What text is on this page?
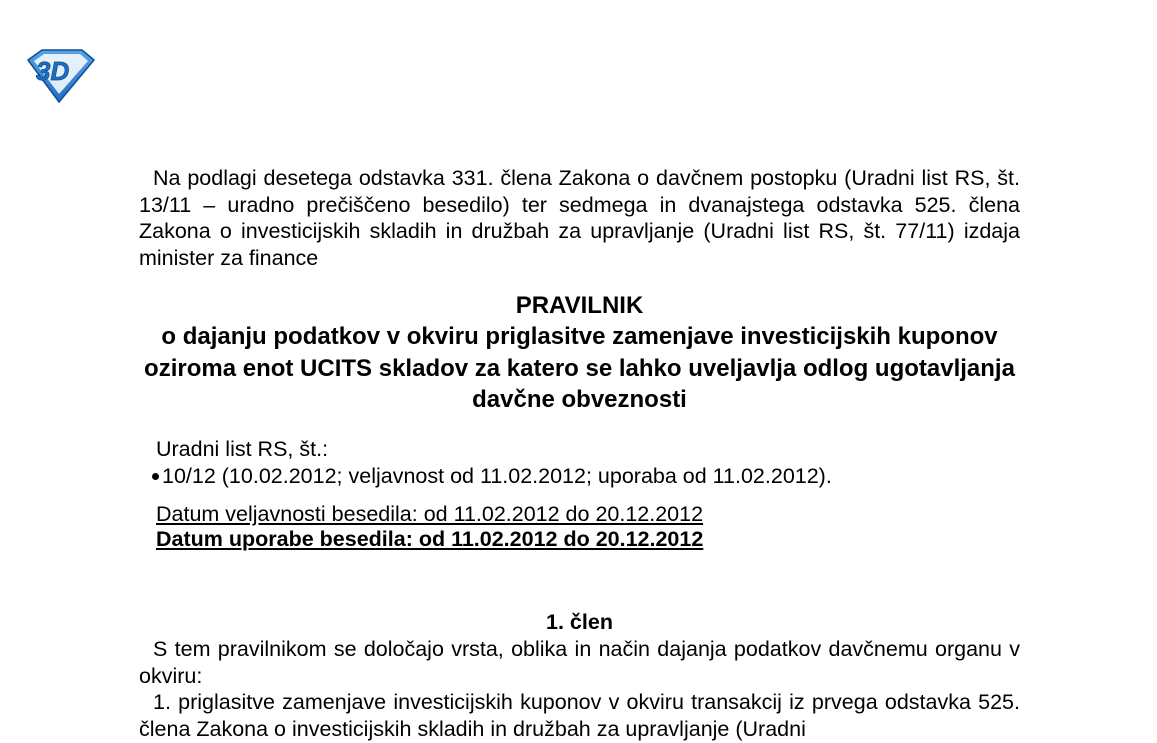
3D

Na podlagi desetega odstavka 331. člena Zakona o davčnem postopku (Uradni list RS, št. 13/11 – uradno prečiščeno besedilo) ter sedmega in dvanajstega odstavka 525. člena Zakona o investicijskih skladih in družbah za upravljanje (Uradni list RS, št. 77/11) izdaja minister za finance

PRAVILNIK
o dajanju podatkov v okviru priglasitve zamenjave investicijskih kuponov oziroma enot UCITS skladov za katero se lahko uveljavlja odlog ugotavljanja davčne obveznosti
Uradni list RS, št.:
10/12 (10.02.2012; veljavnost od 11.02.2012; uporaba od 11.02.2012).
Datum veljavnosti besedila: od 11.02.2012 do 20.12.2012
Datum uporabe besedila: od 11.02.2012 do 20.12.2012
1. člen

S tem pravilnikom se določajo vrsta, oblika in način dajanja podatkov davčnemu organu v okviru:

1. priglasitve zamenjave investicijskih kuponov v okviru transakcij iz prvega odstavka 525. člena Zakona o investicijskih skladih in družbah za upravljanje (Uradni
